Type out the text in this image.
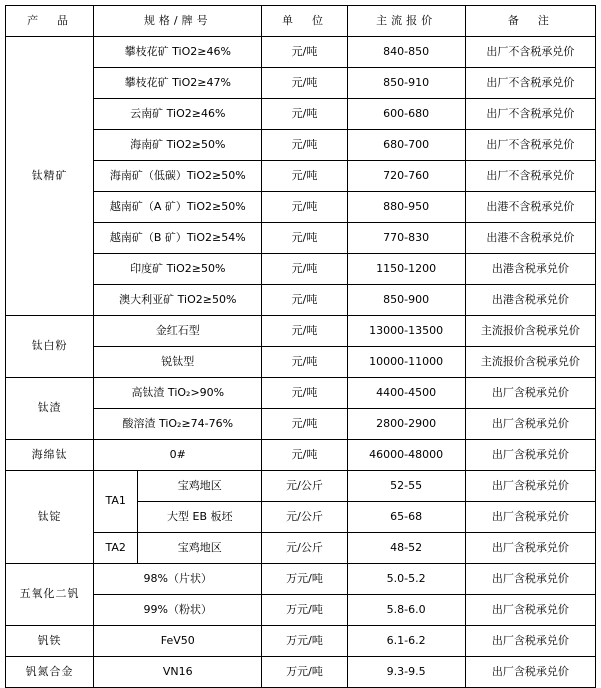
产　品	规格/牌号		单　位	主流报价	备　注
钛精矿	攀枝花矿 TiO2≥46%		元/吨	840-850	出厂不含税承兑价
	攀枝花矿 TiO2≥47%		元/吨	850-910	出厂不含税承兑价
	云南矿 TiO2≥46%		元/吨	600-680	出厂不含税承兑价
	海南矿 TiO2≥50%		元/吨	680-700	出厂不含税承兑价
	海南矿（低碳）TiO2≥50%		元/吨	720-760	出厂不含税承兑价
	越南矿（A 矿）TiO2≥50%		元/吨	880-950	出港不含税承兑价
	越南矿（B 矿）TiO2≥54%		元/吨	770-830	出港不含税承兑价
	印度矿 TiO2≥50%		元/吨	1150-1200	出港含税承兑价
	澳大利亚矿 TiO2≥50%		元/吨	850-900	出港含税承兑价
钛白粉	金红石型		元/吨	13000-13500	主流报价含税承兑价
	锐钛型		元/吨	10000-11000	主流报价含税承兑价
钛渣	高钛渣 TiO₂>90%		元/吨	4400-4500	出厂含税承兑价
	酸溶渣 TiO₂≥74-76%		元/吨	2800-2900	出厂含税承兑价
海绵钛	0#		元/吨	46000-48000	出厂含税承兑价
钛锭	TA1	宝鸡地区	元/公斤	52-55	出厂含税承兑价
		大型 EB 板坯	元/公斤	65-68	出厂含税承兑价
	TA2	宝鸡地区	元/公斤	48-52	出厂含税承兑价
五氧化二钒	98%（片状）		万元/吨	5.0-5.2	出厂含税承兑价
	99%（粉状）		万元/吨	5.8-6.0	出厂含税承兑价
钒铁	FeV50		万元/吨	6.1-6.2	出厂含税承兑价
钒氮合金	VN16		万元/吨	9.3-9.5	出厂含税承兑价
